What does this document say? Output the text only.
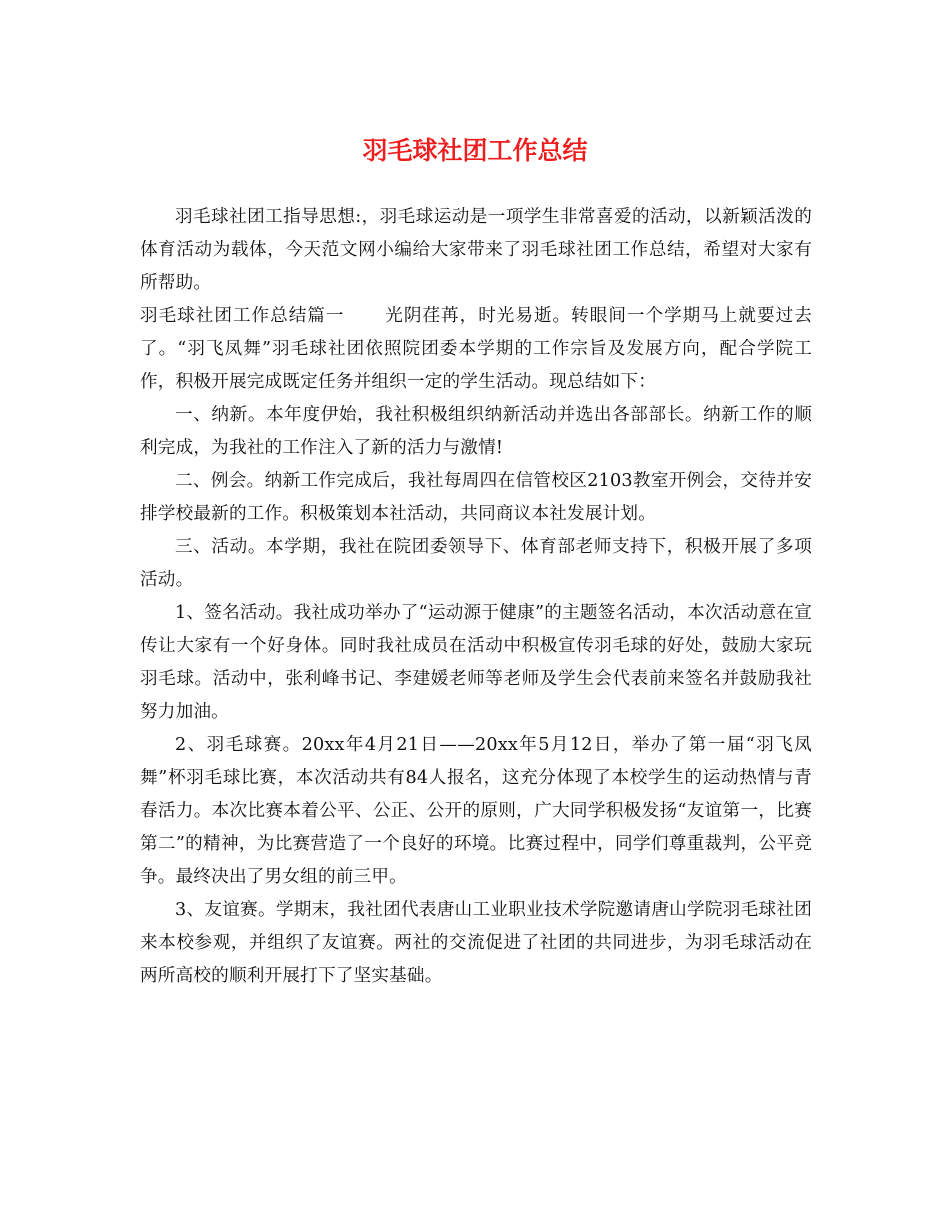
羽毛球社团工作总结

羽毛球社团工指导思想:，羽毛球运动是一项学生非常喜爱的活动，以新颖活泼的体育活动为载体，今天范文网小编给大家带来了羽毛球社团工作总结，希望对大家有所帮助。

羽毛球社团工作总结篇一 光阴荏苒，时光易逝。转眼间一个学期马上就要过去了。“羽飞凤舞”羽毛球社团依照院团委本学期的工作宗旨及发展方向，配合学院工作，积极开展完成既定任务并组织一定的学生活动。现总结如下：

一、纳新。本年度伊始，我社积极组织纳新活动并选出各部部长。纳新工作的顺利完成，为我社的工作注入了新的活力与激情!

二、例会。纳新工作完成后，我社每周四在信管校区2103教室开例会，交待并安排学校最新的工作。积极策划本社活动，共同商议本社发展计划。

三、活动。本学期，我社在院团委领导下、体育部老师支持下，积极开展了多项活动。

1、签名活动。我社成功举办了“运动源于健康”的主题签名活动，本次活动意在宣传让大家有一个好身体。同时我社成员在活动中积极宣传羽毛球的好处，鼓励大家玩羽毛球。活动中，张利峰书记、李建媛老师等老师及学生会代表前来签名并鼓励我社努力加油。

2、羽毛球赛。20xx年4月21日——20xx年5月12日，举办了第一届“羽飞凤舞”杯羽毛球比赛，本次活动共有84人报名，这充分体现了本校学生的运动热情与青春活力。本次比赛本着公平、公正、公开的原则，广大同学积极发扬“友谊第一，比赛第二”的精神，为比赛营造了一个良好的环境。比赛过程中，同学们尊重裁判，公平竞争。最终决出了男女组的前三甲。

3、友谊赛。学期末，我社团代表唐山工业职业技术学院邀请唐山学院羽毛球社团来本校参观，并组织了友谊赛。两社的交流促进了社团的共同进步，为羽毛球活动在两所高校的顺利开展打下了坚实基础。
